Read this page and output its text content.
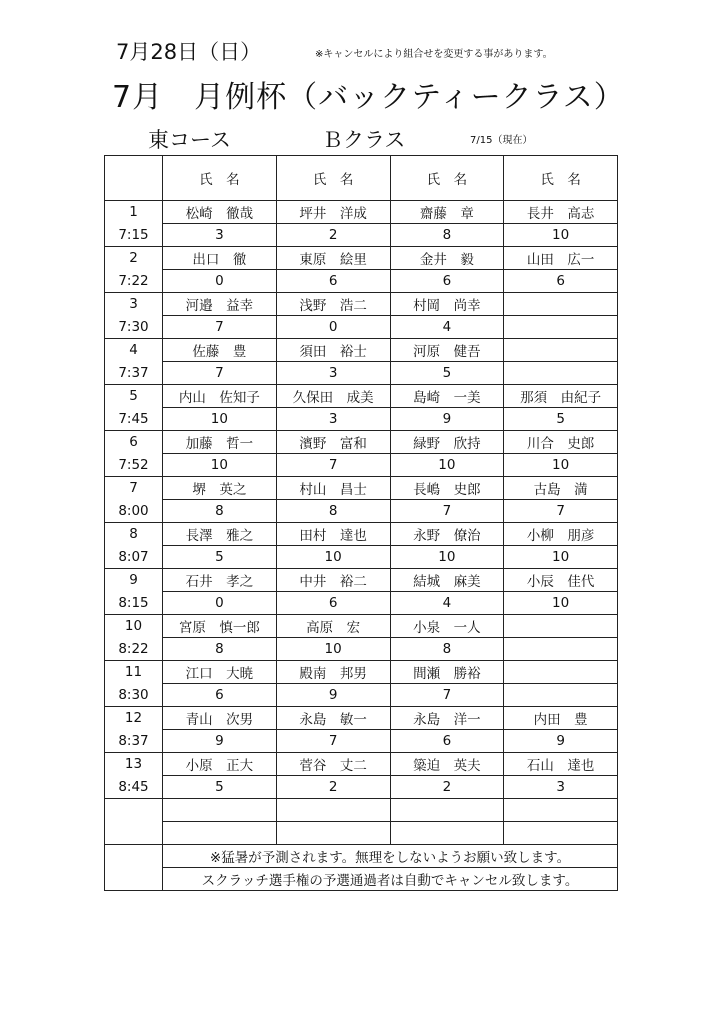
7月28日（日）	※キャンセルにより組合せを変更する事があります。
7月　月例杯（バックティークラス）
東コース	Ｂクラス	7/15（現在）
	氏　名	氏　名	氏　名	氏　名
1	松崎　徹哉	坪井　洋成	齋藤　章	長井　高志
7:15	3	2	8	10
2	出口　徹	東原　絵里	金井　毅	山田　広一
7:22	0	6	6	6
3	河邉　益幸	浅野　浩二	村岡　尚幸	
7:30	7	0	4	
4	佐藤　豊	須田　裕士	河原　健吾	
7:37	7	3	5	
5	内山　佐知子	久保田　成美	島崎　一美	那須　由紀子
7:45	10	3	9	5
6	加藤　哲一	濱野　富和	緑野　欣持	川合　史郎
7:52	10	7	10	10
7	堺　英之	村山　昌士	長嶋　史郎	古島　満
8:00	8	8	7	7
8	長澤　雅之	田村　達也	永野　僚治	小柳　朋彦
8:07	5	10	10	10
9	石井　孝之	中井　裕二	結城　麻美	小辰　佳代
8:15	0	6	4	10
10	宮原　慎一郎	高原　宏	小泉　一人	
8:22	8	10	8	
11	江口　大暁	殿南　邦男	間瀬　勝裕	
8:30	6	9	7	
12	青山　次男	永島　敏一	永島　洋一	内田　豊
8:37	9	7	6	9
13	小原　正大	菅谷　丈二	簗迫　英夫	石山　達也
8:45	5	2	2	3

	※猛暑が予測されます。無理をしないようお願い致します。			
	スクラッチ選手権の予選通過者は自動でキャンセル致します。			
